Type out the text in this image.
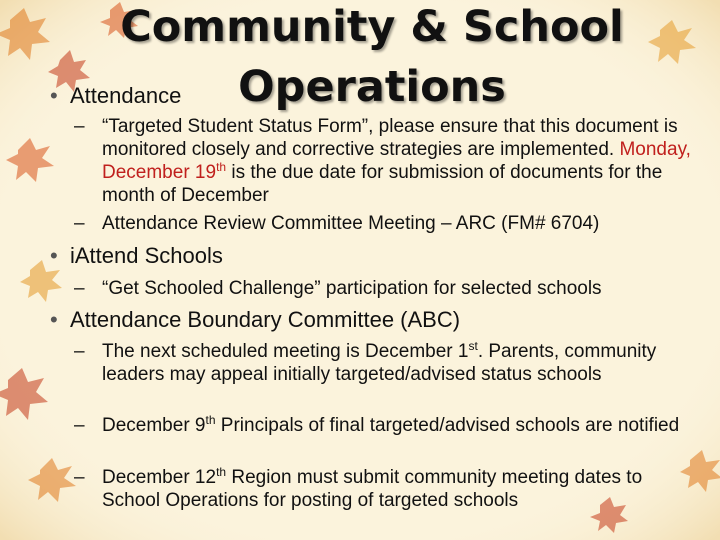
Community & School
Operations
• Attendance
– “Targeted Student Status Form”, please ensure that this document is monitored closely and corrective strategies are implemented. Monday, December 19th is the due date for submission of documents for the month of December
– Attendance Review Committee Meeting – ARC (FM# 6704)
• iAttend Schools
– “Get Schooled Challenge” participation for selected schools
• Attendance Boundary Committee (ABC)
– The next scheduled meeting is December 1st. Parents, community leaders may appeal initially targeted/advised status schools
– December 9th Principals of final targeted/advised schools are notified
– December 12th Region must submit community meeting dates to School Operations for posting of targeted schools
